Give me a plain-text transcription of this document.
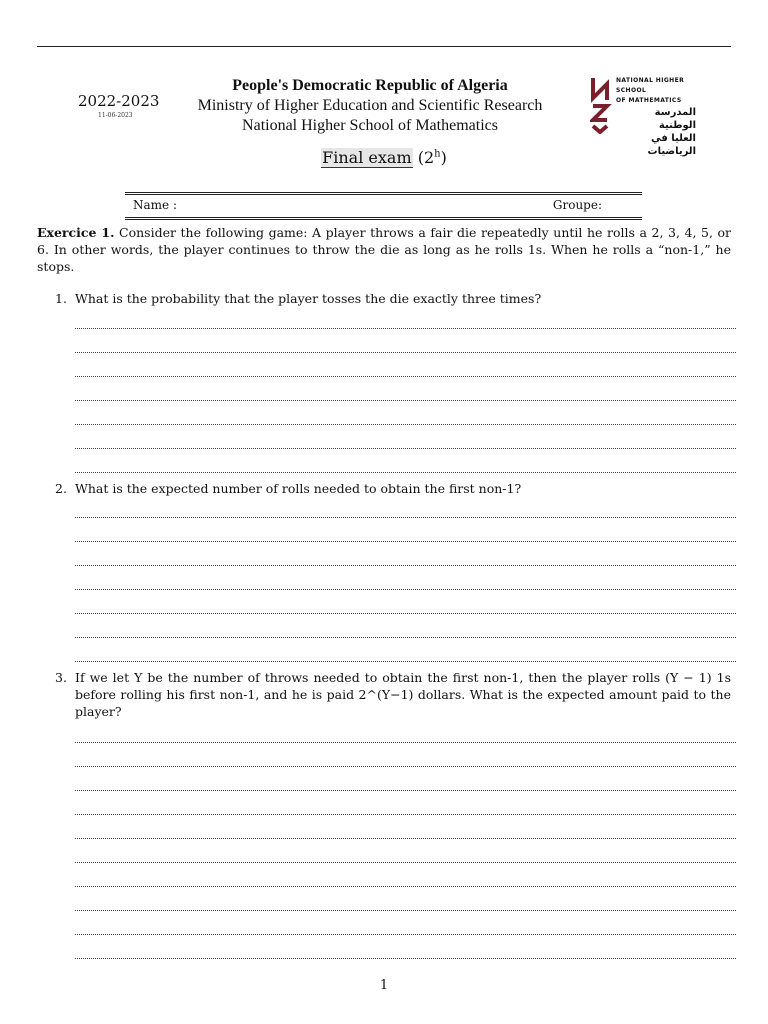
2022-2023
11-06-2023
People's Democratic Republic of Algeria
Ministry of Higher Education and Scientific Research
National Higher School of Mathematics
NATIONAL HIGHER SCHOOL
OF MATHEMATICS
المدرسة الوطنية
العليا في الرياضيات
Final exam (2$^h$)
Name :	Groupe:
Exercice 1. Consider the following game: A player throws a fair die repeatedly until he rolls a 2, 3, 4, 5, or 6. In other words, the player continues to throw the die as long as he rolls 1s. When he rolls a “non-1,” he stops.
1. What is the probability that the player tosses the die exactly three times?
2. What is the expected number of rolls needed to obtain the first non-1?
3. If we let Y be the number of throws needed to obtain the first non-1, then the player rolls (Y − 1) 1s before rolling his first non-1, and he is paid 2^(Y−1) dollars. What is the expected amount paid to the player?
1
